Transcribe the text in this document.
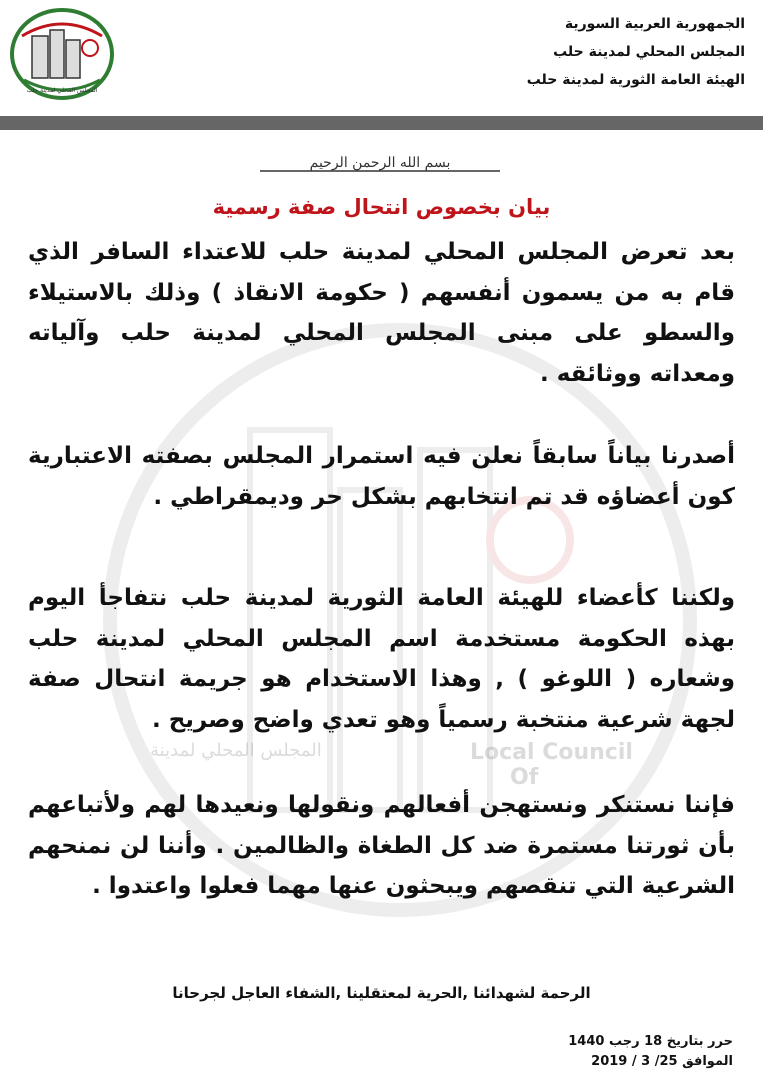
المجلس المحلي لمدينة	Local Council
Of
المجلس المحلي لمدينة حلب
الجمهورية العربية السورية
المجلس المحلي لمدينة حلب
الهيئة العامة الثورية لمدينة حلب
بسم الله الرحمن الرحيم
بيان بخصوص انتحال صفة رسمية
بعد تعرض المجلس المحلي لمدينة حلب للاعتداء السافر الذي قام به من يسمون أنفسهم ( حكومة الانقاذ ) وذلك بالاستيلاء والسطو على مبنى المجلس المحلي لمدينة حلب وآلياته ومعداته ووثائقه .
أصدرنا بياناً سابقاً نعلن فيه استمرار المجلس بصفته الاعتبارية كون أعضاؤه قد تم انتخابهم بشكل حر وديمقراطي .
ولكننا كأعضاء للهيئة العامة الثورية لمدينة حلب نتفاجأ اليوم بهذه الحكومة مستخدمة اسم المجلس المحلي لمدينة حلب وشعاره ( اللوغو ) , وهذا الاستخدام هو جريمة انتحال صفة لجهة شرعية منتخبة رسمياً وهو تعدي واضح وصريح .
فإننا نستنكر ونستهجن أفعالهم ونقولها ونعيدها لهم ولأتباعهم بأن ثورتنا مستمرة ضد كل الطغاة والظالمين . وأننا لن نمنحهم الشرعية التي تنقصهم ويبحثون عنها مهما فعلوا واعتدوا .
الرحمة لشهدائنا ,الحرية لمعتقلينا ,الشفاء العاجل لجرحانا
حرر بتاريخ 18 رجب 1440
الموافق 25/ 3 / 2019
